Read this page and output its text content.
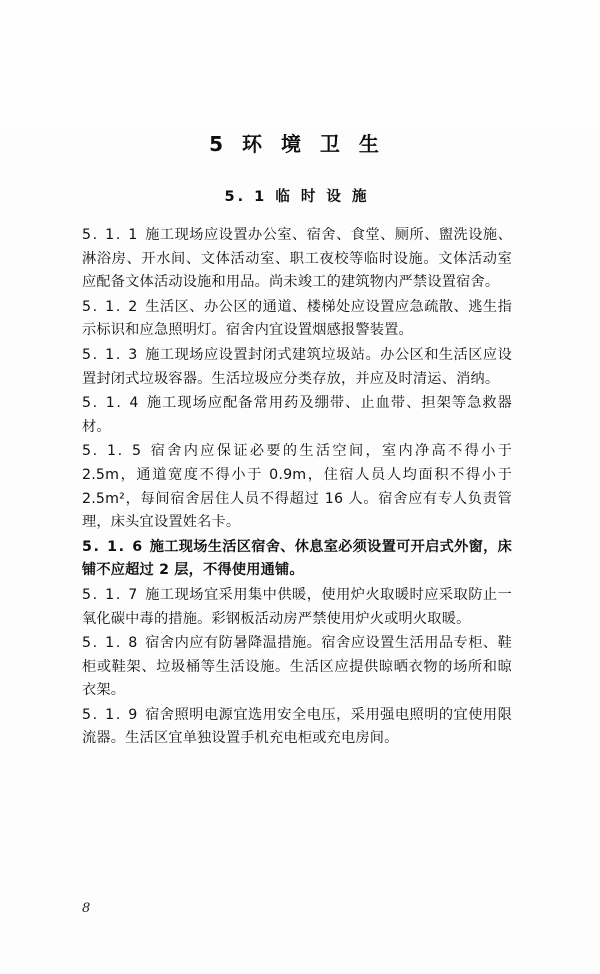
5 环 境 卫 生
5. 1 临 时 设 施

5. 1. 1 施工现场应设置办公室、宿舍、食堂、厕所、盥洗设施、淋浴房、开水间、文体活动室、职工夜校等临时设施。文体活动室应配备文体活动设施和用品。尚未竣工的建筑物内严禁设置宿舍。

5. 1. 2 生活区、办公区的通道、楼梯处应设置应急疏散、逃生指示标识和应急照明灯。宿舍内宜设置烟感报警装置。

5. 1. 3 施工现场应设置封闭式建筑垃圾站。办公区和生活区应设置封闭式垃圾容器。生活垃圾应分类存放，并应及时清运、消纳。

5. 1. 4 施工现场应配备常用药及绷带、止血带、担架等急救器材。

5. 1. 5 宿舍内应保证必要的生活空间，室内净高不得小于 2.5m，通道宽度不得小于 0.9m，住宿人员人均面积不得小于 2.5m²，每间宿舍居住人员不得超过 16 人。宿舍应有专人负责管理，床头宜设置姓名卡。

5. 1. 6 施工现场生活区宿舍、休息室必须设置可开启式外窗，床铺不应超过 2 层，不得使用通铺。

5. 1. 7 施工现场宜采用集中供暖，使用炉火取暖时应采取防止一氧化碳中毒的措施。彩钢板活动房严禁使用炉火或明火取暖。

5. 1. 8 宿舍内应有防暑降温措施。宿舍应设置生活用品专柜、鞋柜或鞋架、垃圾桶等生活设施。生活区应提供晾晒衣物的场所和晾衣架。

5. 1. 9 宿舍照明电源宜选用安全电压，采用强电照明的宜使用限流器。生活区宜单独设置手机充电柜或充电房间。

8
